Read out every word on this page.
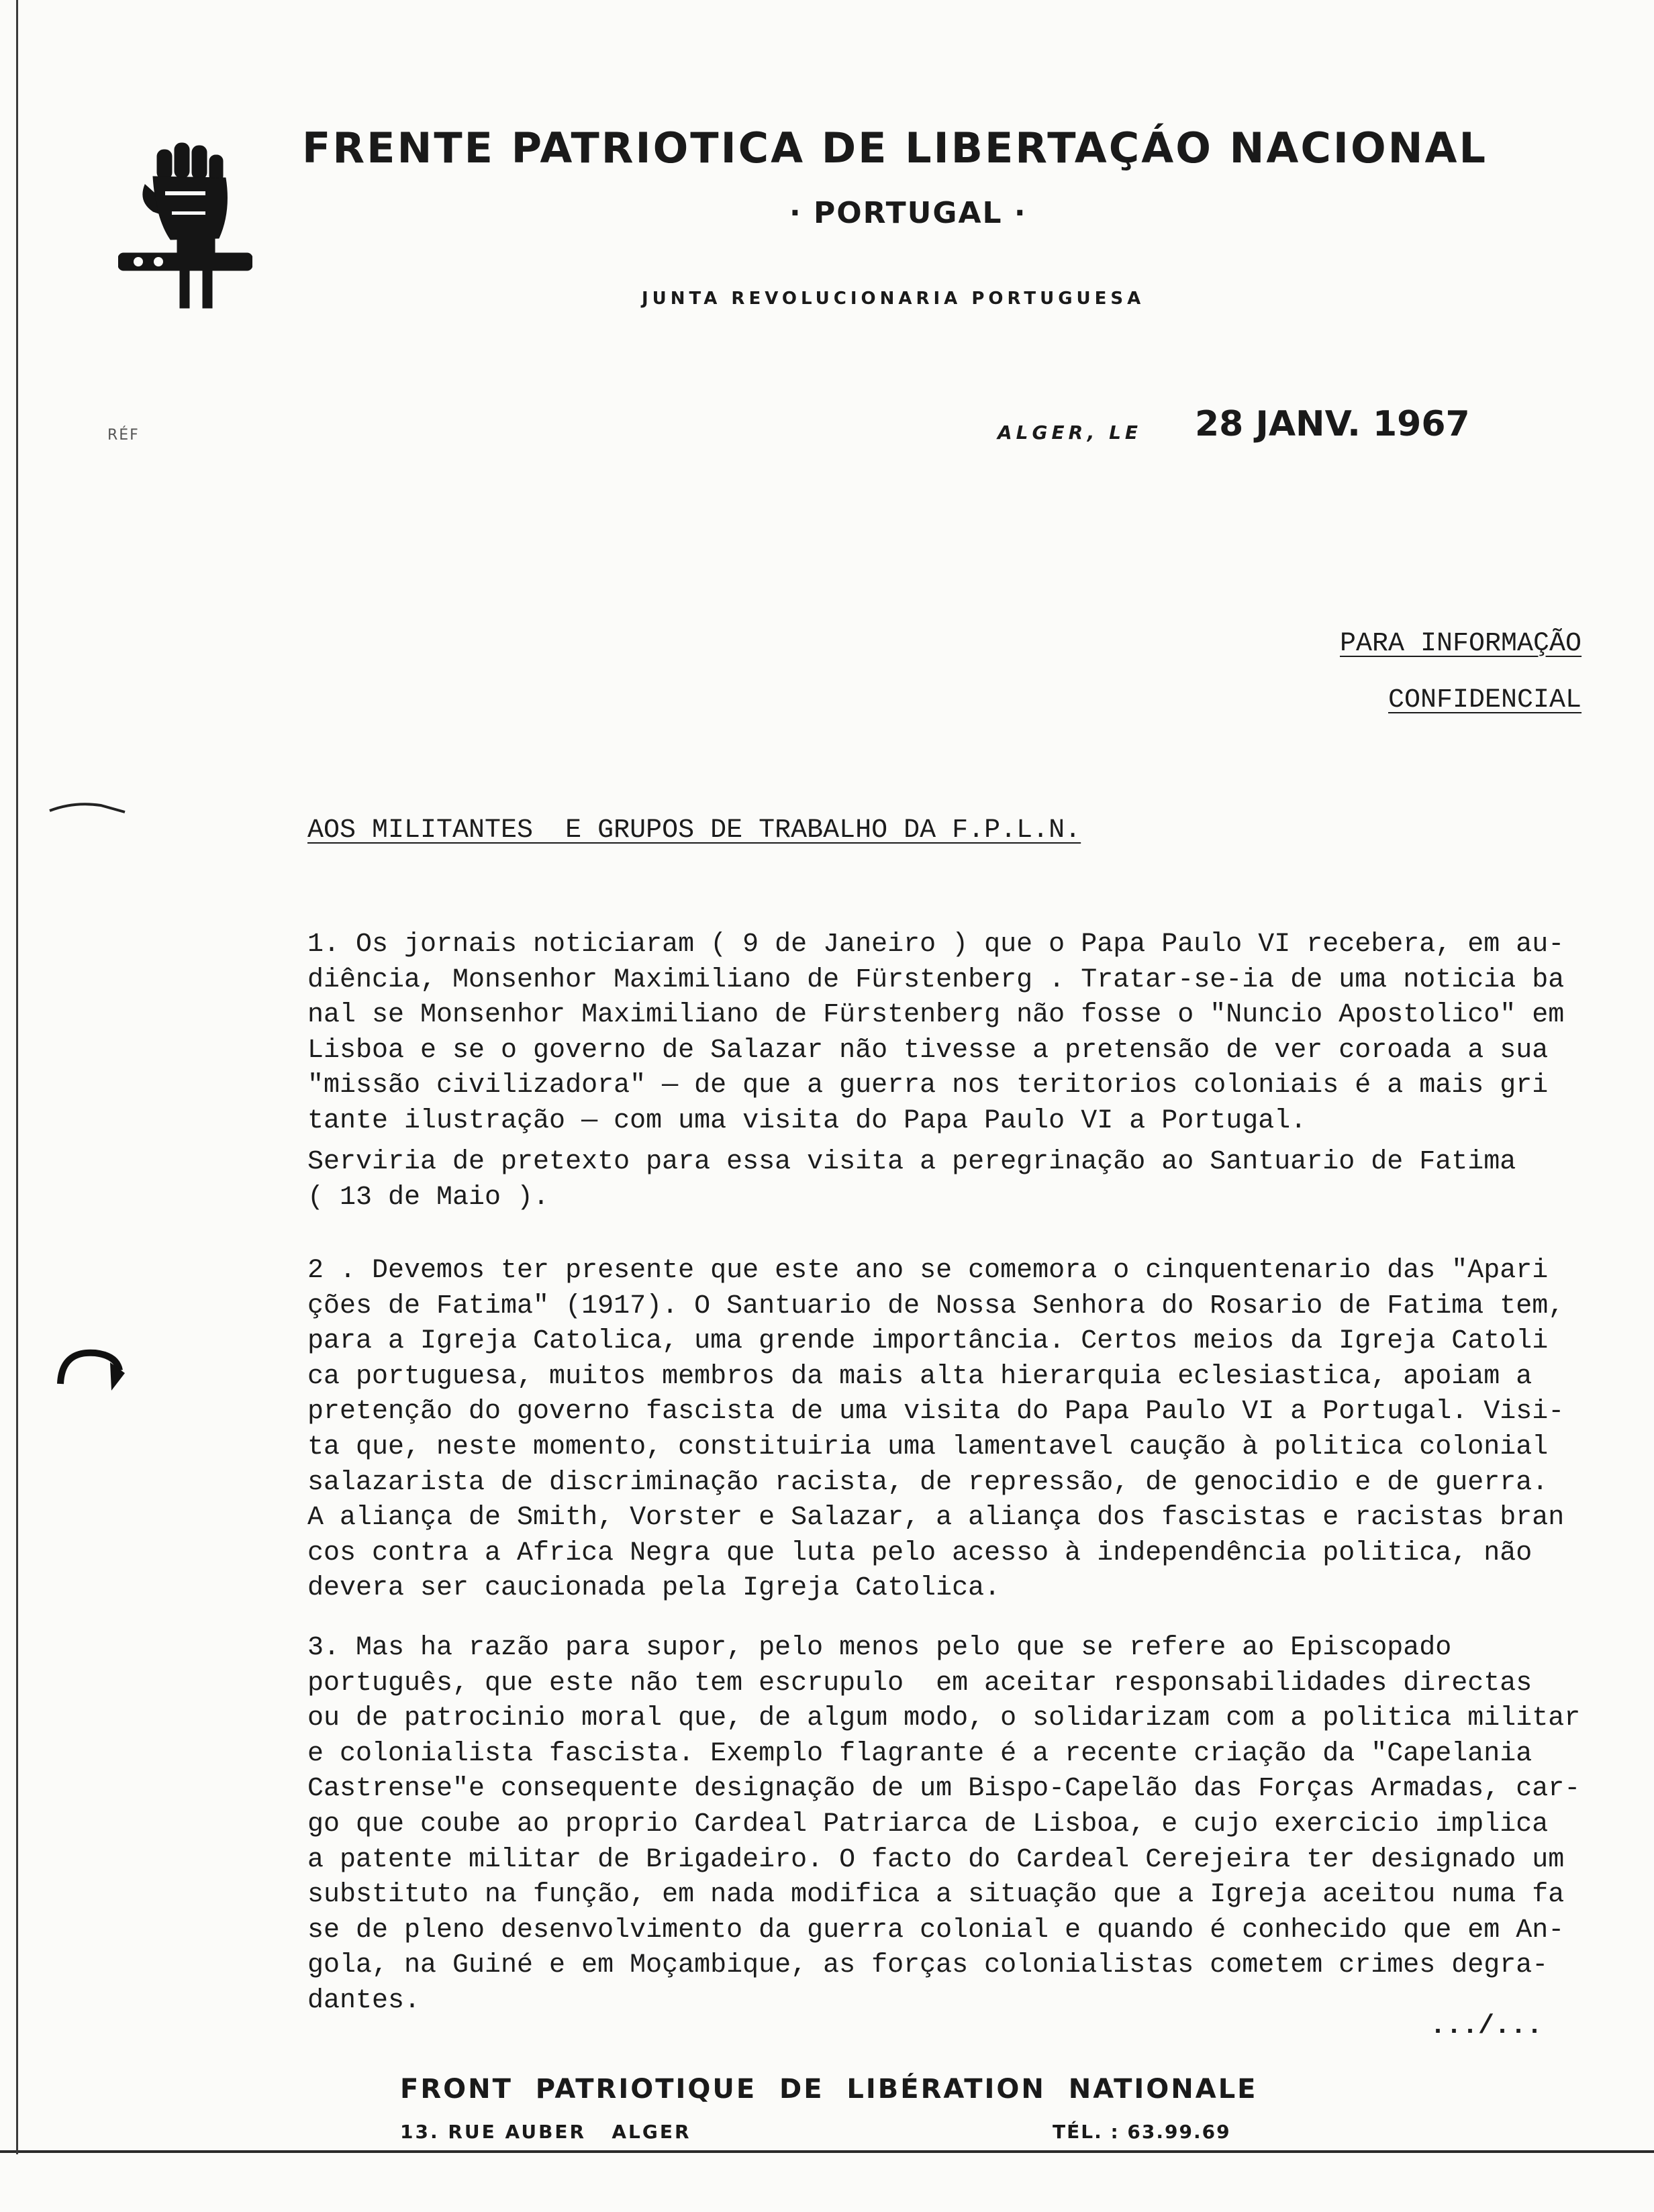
FRENTE PATRIOTICA DE LIBERTAÇÁO NACIONAL
· PORTUGAL ·
JUNTA REVOLUCIONARIA PORTUGUESA
RÉF	ALGER, LE 28 JANV. 1967
PARA INFORMAÇÃO
CONFIDENCIAL
AOS MILITANTES  E GRUPOS DE TRABALHO DA F.P.L.N.
1. Os jornais noticiaram ( 9 de Janeiro ) que o Papa Paulo VI recebera, em au-
diência, Monsenhor Maximiliano de Fürstenberg . Tratar-se-ia de uma noticia ba
nal se Monsenhor Maximiliano de Fürstenberg não fosse o "Nuncio Apostolico" em
Lisboa e se o governo de Salazar não tivesse a pretensão de ver coroada a sua
"missão civilizadora" — de que a guerra nos teritorios coloniais é a mais gri
tante ilustração — com uma visita do Papa Paulo VI a Portugal.
Serviria de pretexto para essa visita a peregrinação ao Santuario de Fatima
( 13 de Maio ).
2 . Devemos ter presente que este ano se comemora o cinquentenario das "Apari
ções de Fatima" (1917). O Santuario de Nossa Senhora do Rosario de Fatima tem,
para a Igreja Catolica, uma grende importância. Certos meios da Igreja Catoli
ca portuguesa, muitos membros da mais alta hierarquia eclesiastica, apoiam a
pretenção do governo fascista de uma visita do Papa Paulo VI a Portugal. Visi-
ta que, neste momento, constituiria uma lamentavel caução à politica colonial
salazarista de discriminação racista, de repressão, de genocidio e de guerra.
A aliança de Smith, Vorster e Salazar, a aliança dos fascistas e racistas bran
cos contra a Africa Negra que luta pelo acesso à independência politica, não
devera ser caucionada pela Igreja Catolica.
3. Mas ha razão para supor, pelo menos pelo que se refere ao Episcopado
português, que este não tem escrupulo  em aceitar responsabilidades directas
ou de patrocinio moral que, de algum modo, o solidarizam com a politica militar
e colonialista fascista. Exemplo flagrante é a recente criação da "Capelania
Castrense"e consequente designação de um Bispo-Capelão das Forças Armadas, car-
go que coube ao proprio Cardeal Patriarca de Lisboa, e cujo exercicio implica
a patente militar de Brigadeiro. O facto do Cardeal Cerejeira ter designado um
substituto na função, em nada modifica a situação que a Igreja aceitou numa fa
se de pleno desenvolvimento da guerra colonial e quando é conhecido que em An-
gola, na Guiné e em Moçambique, as forças colonialistas cometem crimes degra-
dantes.
.../...
FRONT  PATRIOTIQUE  DE  LIBÉRATION  NATIONALE
13. RUE AUBER   ALGER	TÉL. : 63.99.69
